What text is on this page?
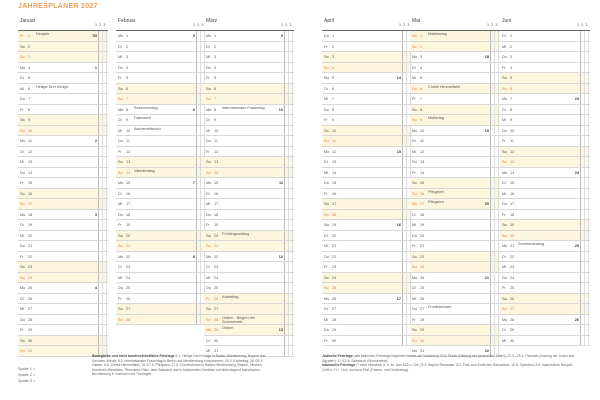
JAHRESPLANER 2027
Januar
1 2 3
Fr	1 Neujahr	53
Sa 2
So 3
Mo 4	1
Di	5
Mi	6 Heilige Drei Könige
Do 7
Fr	8
Sa 9
So 10
Mo 11	2
Di	12
Mi	13
Do 14
Fr	15
Sa 16
So 17
Mo 18	3
Di	19
Mi	20
Do 21
Fr	22
Sa 23
So 24
Mo 25	4
Di	26
Mi	27
Do 28
Fr	29
Sa 30
So 31
Februar
1 2 3
Mo 1	5
Di	2
Mi	3
Do 4
Fr	5
Sa 6
So 7
Mo 8 Rosenmontag	6
Di	9 Fastnacht
Mi	10 Aschermittwoch
Do 11
Fr	12
Sa 13
So 14 Valentinstag
Mo 15	7
Di	16
Mi	17
Do 18
Fr	19
Sa 20
So 21
Mo 22	8
Di	23
Mi	24
Do 25
Fr	26
Sa 27
So 28
März
1 2 3
Mo 1	9
Di	2
Mi	3
Do 4
Fr	5
Sa 6
So 7
Mo 8 Internationaler Frauentag	10
Di	9
Mi	10
Do 11
Fr	12
Sa 13
So 14
Mo 15	11
Di	16
Mi	17
Do 18
Fr	19
Sa 20 Frühlingsanfang
So 21
Mo 22	12
Di	23
Mi	24
Do 25
Fr	26 Karfreitag
Sa 27
So 28 Ostern · Beginn der Sommerzeit
Mo 29 Ostern	13
Di	30
Mi	31
April
1 2 3
Do 1
Fr	2
Sa 3
So 4
Mo 5	14
Di	6
Mi	7
Do 8
Fr	9
Sa 10
So 11
Mo 12	15
Di	13
Mi	14
Do 15
Fr	16
Sa 17
So 18
Mo 19	16
Di	20
Mi	21
Do 22
Fr	23
Sa 24
So 25
Mo 26	17
Di	27
Mi	28
Do 29
Fr	30
Mai
1 2 3
Sa 1 Maifeiertag
So 2
Mo 3	18
Di	4
Mi	5
Do 6 Christi Himmelfahrt
Fr	7
Sa 8
So 9 Muttertag
Mo 10	19
Di	11
Mi	12
Do 13
Fr	14
Sa 15
So 16 Pfingsten
Mo 17 Pfingsten	20
Di	18
Mi	19
Do 20
Fr	21
Sa 22
So 23
Mo 24	21
Di	25
Mi	26
Do 27 Fronleichnam
Fr	28
Sa 29
So 30
Mo 31	22
Juni
1 2 3
Di	1
Mi	2
Do 3
Fr	4
Sa 5
So 6
Mo 7	23
Di	8
Mi	9
Do 10
Fr	11
Sa 12
So 13
Mo 14	24
Di	15
Mi	16
Do 17
Fr	18
Sa 19
So 20
Mo 21 Sommeranfang	25
Di	22
Mi	23
Do 24
Fr	25
Sa 26
So 27
Mo 28	26
Di	29
Mi	30
Spalte 1 =
Spalte 2 =
Spalte 3 =
Bewegliche und nicht bundeseinheitliche Feiertage 6.1. Heilige Drei Könige in Baden-Württemberg, Bayern und Sachsen-Anhalt; 8.3. Internationaler Frauentag in Berlin und Mecklenburg-Vorpommern; 26.3. Karfreitag; 28./29.3. Ostern; 6.5. Christi Himmelfahrt; 16./17.5. Pfingsten; 27.5. Fronleichnam in Baden-Württemberg, Bayern, Hessen, Nordrhein-Westfalen, Rheinland-Pfalz, dem Saarland und in bestimmten Gebieten mit überwiegend katholischer Bevölkerung in Sachsen und Thüringen
Jüdische Feiertage (alle jüdischen Feiertage beginnen bereits am Vorabend) 23.3. Purim (Rettung der persischen Juden); 22.4.–29.4. Pessach (Auszug der Juden aus Ägypten); 11./12.6. Schawuot (Wochenfest).
Islamische Feiertage (* nach Hidschra, d. h. im Jahr 622 n. Chr.) 9.3. Beginn Ramadan; 8.3. Fest zum Ende des Ramadans; 16.5. Opferfest; 6.6. Islamisches Neujahr 1449 n. H.*; 15.6. Aschura-Fest (Fasten- und Gedenktag).
